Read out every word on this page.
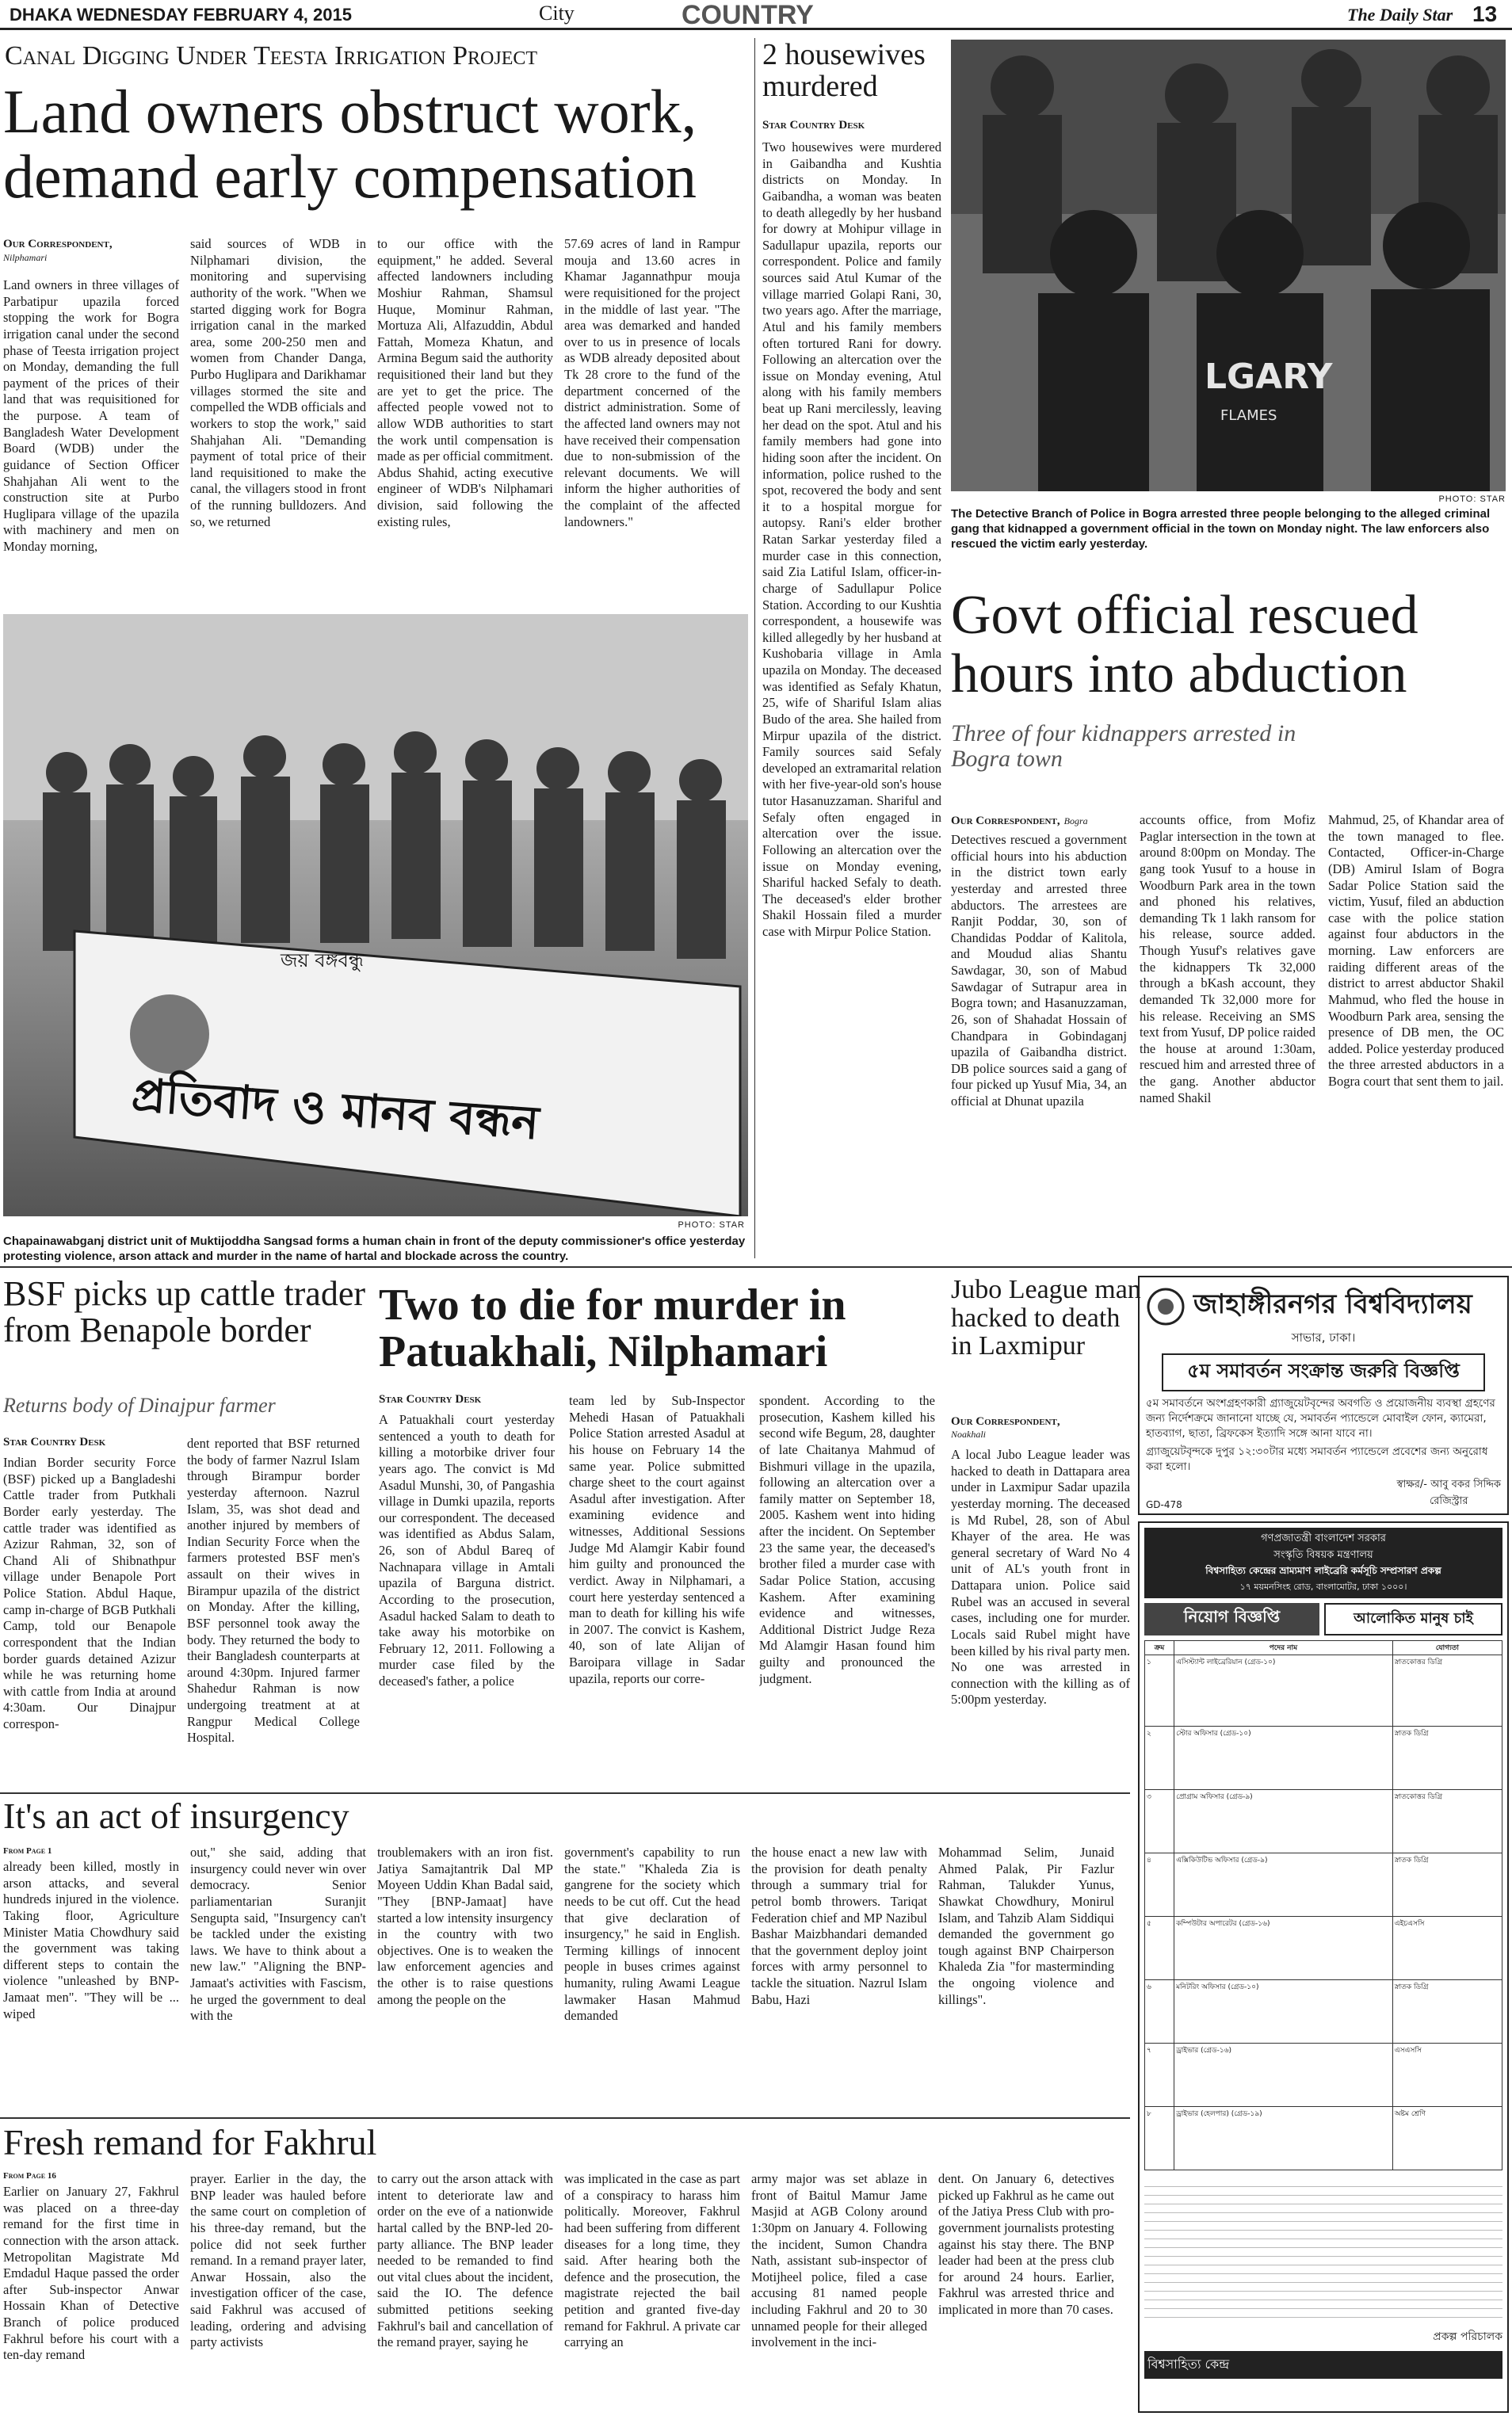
DHAKA WEDNESDAY FEBRUARY 4, 2015	City	COUNTRY	The Daily Star 13
Canal Digging Under Teesta Irrigation Project
Land owners obstruct work, demand early compensation
Our Correspondent,
Nilphamari
Land owners in three villages of Parbatipur upazila forced stopping the work for Bogra irrigation canal under the second phase of Teesta irrigation project on Monday, demanding the full payment of the prices of their land that was requisitioned for the purpose. A team of Bangladesh Water Development Board (WDB) under the guidance of Section Officer Shahjahan Ali went to the construction site at Purbo Huglipara village of the upazila with machinery and men on Monday morning,
said sources of WDB in Nilphamari division, the monitoring and supervising authority of the work. "When we started digging work for Bogra irrigation canal in the marked area, some 200-250 men and women from Chander Danga, Purbo Huglipara and Darikhamar villages stormed the site and compelled the WDB officials and workers to stop the work," said Shahjahan Ali. "Demanding payment of total price of their land requisitioned to make the canal, the villagers stood in front of the running bulldozers. And so, we returned
to our office with the equipment," he added. Several affected landowners including Moshiur Rahman, Shamsul Huque, Mominur Rahman, Mortuza Ali, Alfazuddin, Abdul Fattah, Momeza Khatun, and Armina Begum said the authority requisitioned their land but they are yet to get the price. The affected people vowed not to allow WDB authorities to start the work until compensation is made as per official commitment. Abdus Shahid, acting executive engineer of WDB's Nilphamari division, said following the existing rules,
57.69 acres of land in Rampur mouja and 13.60 acres in Khamar Jagannathpur mouja were requisitioned for the project in the middle of last year. "The area was demarked and handed over to us in presence of locals as WDB already deposited about Tk 28 crore to the fund of the department concerned of the district administration. Some of the affected land owners may not have received their compensation due to non-submission of the relevant documents. We will inform the higher authorities of the complaint of the affected landowners."
জয় বঙ্গবন্ধু
প্রতিবাদ ও মানব বন্ধন
PHOTO: STAR
Chapainawabganj district unit of Muktijoddha Sangsad forms a human chain in front of the deputy commissioner's office yesterday protesting violence, arson attack and murder in the name of hartal and blockade across the country.
2 housewives murdered
Star Country Desk
Two housewives were murdered in Gaibandha and Kushtia districts on Monday. In Gaibandha, a woman was beaten to death allegedly by her husband for dowry at Mohipur village in Sadullapur upazila, reports our correspondent. Police and family sources said Atul Kumar of the village married Golapi Rani, 30, two years ago. After the marriage, Atul and his family members often tortured Rani for dowry. Following an altercation over the issue on Monday evening, Atul along with his family members beat up Rani mercilessly, leaving her dead on the spot. Atul and his family members had gone into hiding soon after the incident. On information, police rushed to the spot, recovered the body and sent it to a hospital morgue for autopsy. Rani's elder brother Ratan Sarkar yesterday filed a murder case in this connection, said Zia Latiful Islam, officer-in-charge of Sadullapur Police Station. According to our Kushtia correspondent, a housewife was killed allegedly by her husband at Kushobaria village in Amla upazila on Monday. The deceased was identified as Sefaly Khatun, 25, wife of Shariful Islam alias Budo of the area. She hailed from Mirpur upazila of the district. Family sources said Sefaly developed an extramarital relation with her five-year-old son's house tutor Hasanuzzaman. Shariful and Sefaly often engaged in altercation over the issue. Following an altercation over the issue on Monday evening, Shariful hacked Sefaly to death. The deceased's elder brother Shakil Hossain filed a murder case with Mirpur Police Station.
LGARY
FLAMES
PHOTO: STAR
The Detective Branch of Police in Bogra arrested three people belonging to the alleged criminal gang that kidnapped a government official in the town on Monday night. The law enforcers also rescued the victim early yesterday.
Govt official rescued hours into abduction
Three of four kidnappers arrested in Bogra town
Our Correspondent, Bogra
Detectives rescued a government official hours into his abduction in the district town early yesterday and arrested three abductors. The arrestees are Ranjit Poddar, 30, son of Chandidas Poddar of Kalitola, and Moudud alias Shantu Sawdagar, 30, son of Mabud Sawdagar of Sutrapur area in Bogra town; and Hasanuzzaman, 26, son of Shahadat Hossain of Chandpara in Gobindaganj upazila of Gaibandha district. DB police sources said a gang of four picked up Yusuf Mia, 34, an official at Dhunat upazila
accounts office, from Mofiz Paglar intersection in the town at around 8:00pm on Monday. The gang took Yusuf to a house in Woodburn Park area in the town and phoned his relatives, demanding Tk 1 lakh ransom for his release, source added. Though Yusuf's relatives gave the kidnappers Tk 32,000 through a bKash account, they demanded Tk 32,000 more for his release. Receiving an SMS text from Yusuf, DP police raided the house at around 1:30am, rescued him and arrested three of the gang. Another abductor named Shakil
Mahmud, 25, of Khandar area of the town managed to flee. Contacted, Officer-in-Charge (DB) Amirul Islam of Bogra Sadar Police Station said the victim, Yusuf, filed an abduction case with the police station against four abductors in the morning. Law enforcers are raiding different areas of the district to arrest abductor Shakil Mahmud, who fled the house in Woodburn Park area, sensing the presence of DB men, the OC added. Police yesterday produced the three arrested abductors in a Bogra court that sent them to jail.
BSF picks up cattle trader from Benapole border
Returns body of Dinajpur farmer
Star Country Desk
Indian Border security Force (BSF) picked up a Bangladeshi Cattle trader from Putkhali Border early yesterday. The cattle trader was identified as Azizur Rahman, 32, son of Chand Ali of Shibnathpur village under Benapole Port Police Station. Abdul Haque, camp in-charge of BGB Putkhali Camp, told our Benapole correspondent that the Indian border guards detained Azizur while he was returning home with cattle from India at around 4:30am. Our Dinajpur correspon-
dent reported that BSF returned the body of farmer Nazrul Islam through Birampur border yesterday afternoon. Nazrul Islam, 35, was shot dead and another injured by members of Indian Security Force when the farmers protested BSF men's assault on their wives in Birampur upazila of the district on Monday. After the killing, BSF personnel took away the body. They returned the body to their Bangladesh counterparts at around 4:30pm. Injured farmer Shahedur Rahman is now undergoing treatment at at Rangpur Medical College Hospital.
Two to die for murder in Patuakhali, Nilphamari
Star Country Desk
A Patuakhali court yesterday sentenced a youth to death for killing a motorbike driver four years ago. The convict is Md Asadul Munshi, 30, of Pangashia village in Dumki upazila, reports our correspondent. The deceased was identified as Abdus Salam, 26, son of Abdul Bareq of Nachnapara village in Amtali upazila of Barguna district. According to the prosecution, Asadul hacked Salam to death to take away his motorbike on February 12, 2011. Following a murder case filed by the deceased's father, a police
team led by Sub-Inspector Mehedi Hasan of Patuakhali Police Station arrested Asadul at his house on February 14 the same year. Police submitted charge sheet to the court against Asadul after investigation. After examining evidence and witnesses, Additional Sessions Judge Md Alamgir Kabir found him guilty and pronounced the verdict. Away in Nilphamari, a court here yesterday sentenced a man to death for killing his wife in 2007. The convict is Kashem, 40, son of late Alijan of Baroipara village in Sadar upazila, reports our corre-
spondent. According to the prosecution, Kashem killed his second wife Begum, 28, daughter of late Chaitanya Mahmud of Bishmuri village in the upazila, following an altercation over a family matter on September 18, 2005. Kashem went into hiding after the incident. On September 23 the same year, the deceased's brother filed a murder case with Sadar Police Station, accusing Kashem. After examining evidence and witnesses, Additional District Judge Reza Md Alamgir Hasan found him guilty and pronounced the judgment.
Jubo League man hacked to death in Laxmipur
Our Correspondent,
Noakhali
A local Jubo League leader was hacked to death in Dattapara area under in Laxmipur Sadar upazila yesterday morning. The deceased is Md Rubel, 28, son of Abul Khayer of the area. He was general secretary of Ward No 4 unit of AL's youth front in Dattapara union. Police said Rubel was an accused in several cases, including one for murder. Locals said Rubel might have been killed by his rival party men. No one was arrested in connection with the killing as of 5:00pm yesterday.
জাহাঙ্গীরনগর বিশ্ববিদ্যালয়
সাভার, ঢাকা।
৫ম সমাবর্তন সংক্রান্ত জরুরি বিজ্ঞপ্তি
৫ম সমাবর্তনে অংশগ্রহণকারী গ্র্যাজুয়েটবৃন্দের অবগতি ও প্রয়োজনীয় ব্যবস্থা গ্রহণের জন্য নির্দেশক্রমে জানানো যাচ্ছে যে, সমাবর্তন প্যান্ডেলে মোবাইল ফোন, ক্যামেরা, হাতব্যাগ, ছাতা, ব্রিফকেস ইত্যাদি সঙ্গে আনা যাবে না।
গ্র্যাজুয়েটবৃন্দকে দুপুর ১২:৩০টার মধ্যে সমাবর্তন প্যান্ডেলে প্রবেশের জন্য অনুরোধ করা হলো।
GD-478
স্বাক্ষর/- আবু বকর সিদ্দিক
রেজিস্ট্রার
গণপ্রজাতন্ত্রী বাংলাদেশ সরকার
সংস্কৃতি বিষয়ক মন্ত্রণালয়
বিশ্বসাহিত্য কেন্দ্রের ভ্রাম্যমাণ লাইব্রেরি কর্মসূচি সম্প্রসারণ প্রকল্প
১৭ ময়মনসিংহ রোড, বাংলামোটর, ঢাকা ১০০০।
নিয়োগ বিজ্ঞপ্তি	আলোকিত মানুষ চাই
ক্রম	পদের নাম	যোগ্যতা
১	এসিস্ট্যান্ট লাইব্রেরিয়ান (গ্রেড-১০)	স্নাতকোত্তর ডিগ্রি
২	স্টোর অফিসার (গ্রেড-১০)	স্নাতক ডিগ্রি
৩	প্রোগ্রাম অফিসার (গ্রেড-৯)	স্নাতকোত্তর ডিগ্রি
৪	এক্সিকিউটিভ অফিসার (গ্রেড-৯)	স্নাতক ডিগ্রি
৫	কম্পিউটার অপারেটর (গ্রেড-১৬)	এইচএসসি
৬	মনিটরিং অফিসার (গ্রেড-১০)	স্নাতক ডিগ্রি
৭	ড্রাইভার (গ্রেড-১৬)	এসএসসি
৮	ড্রাইভার (হেলপার) (গ্রেড-১৯)	অষ্টম শ্রেণি
প্রকল্প পরিচালক
বিশ্বসাহিত্য কেন্দ্র
It's an act of insurgency
From Page 1
already been killed, mostly in arson attacks, and several hundreds injured in the violence. Taking floor, Agriculture Minister Matia Chowdhury said the government was taking different steps to contain the violence "unleashed by BNP-Jamaat men". "They will be ... wiped
out," she said, adding that insurgency could never win over democracy. Senior parliamentarian Suranjit Sengupta said, "Insurgency can't be tackled under the existing laws. We have to think about a new law." "Aligning the BNP-Jamaat's activities with Fascism, he urged the government to deal with the
troublemakers with an iron fist. Jatiya Samajtantrik Dal MP Moyeen Uddin Khan Badal said, "They [BNP-Jamaat] have started a low intensity insurgency in the country with two objectives. One is to weaken the law enforcement agencies and the other is to raise questions among the people on the
government's capability to run the state." "Khaleda Zia is gangrene for the society which needs to be cut off. Cut the head that give declaration of insurgency," he said in English. Terming killings of innocent people in buses crimes against humanity, ruling Awami League lawmaker Hasan Mahmud demanded
the house enact a new law with the provision for death penalty through a summary trial for petrol bomb throwers. Tariqat Federation chief and MP Nazibul Bashar Maizbhandari demanded that the government deploy joint forces with army personnel to tackle the situation. Nazrul Islam Babu, Hazi
Mohammad Selim, Junaid Ahmed Palak, Pir Fazlur Rahman, Talukder Yunus, Shawkat Chowdhury, Monirul Islam, and Tahzib Alam Siddiqui demanded the government go tough against BNP Chairperson Khaleda Zia "for masterminding the ongoing violence and killings".
Fresh remand for Fakhrul
From Page 16
Earlier on January 27, Fakhrul was placed on a three-day remand for the first time in connection with the arson attack. Metropolitan Magistrate Md Emdadul Haque passed the order after Sub-inspector Anwar Hossain Khan of Detective Branch of police produced Fakhrul before his court with a ten-day remand
prayer. Earlier in the day, the BNP leader was hauled before the same court on completion of his three-day remand, but the police did not seek further remand. In a remand prayer later, Anwar Hossain, also the investigation officer of the case, said Fakhrul was accused of leading, ordering and advising party activists
to carry out the arson attack with intent to deteriorate law and order on the eve of a nationwide hartal called by the BNP-led 20-party alliance. The BNP leader needed to be remanded to find out vital clues about the incident, said the IO. The defence submitted petitions seeking Fakhrul's bail and cancellation of the remand prayer, saying he
was implicated in the case as part of a conspiracy to harass him politically. Moreover, Fakhrul had been suffering from different diseases for a long time, they said. After hearing both the defence and the prosecution, the magistrate rejected the bail petition and granted five-day remand for Fakhrul. A private car carrying an
army major was set ablaze in front of Baitul Mamur Jame Masjid at AGB Colony around 1:30pm on January 4. Following the incident, Sumon Chandra Nath, assistant sub-inspector of Motijheel police, filed a case accusing 81 named people including Fakhrul and 20 to 30 unnamed people for their alleged involvement in the inci-
dent. On January 6, detectives picked up Fakhrul as he came out of the Jatiya Press Club with pro-government journalists protesting against his stay there. The BNP leader had been at the press club for around 24 hours. Earlier, Fakhrul was arrested thrice and implicated in more than 70 cases.
